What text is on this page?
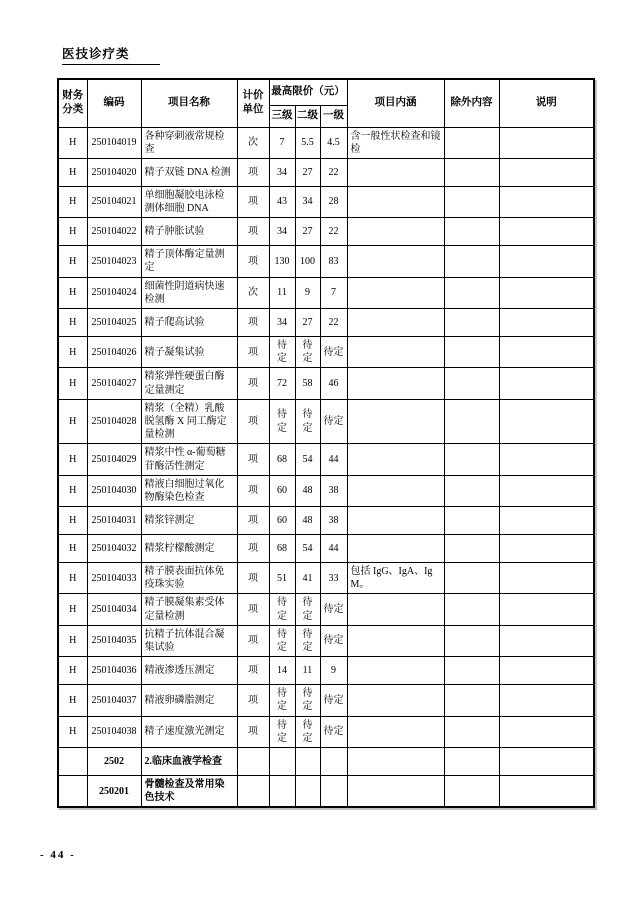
医技诊疗类
财务分类	编码	项目名称	计价单位	最高限价（元）			项目内涵	除外内容	说明
				三级	二级	一级			
H	250104019	各种穿刺液常规检查	次	7	5.5	4.5	含一般性状检查和镜检		
H	250104020	精子双链 DNA 检测	项	34	27	22			
H	250104021	单细胞凝胶电泳检测体细胞 DNA	项	43	34	28			
H	250104022	精子肿胀试验	项	34	27	22			
H	250104023	精子顶体酶定量测定	项	130	100	83			
H	250104024	细菌性阴道病快速检测	次	11	9	7			
H	250104025	精子爬高试验	项	34	27	22			
H	250104026	精子凝集试验	项	待定	待定	待定			
H	250104027	精浆弹性硬蛋白酶定量测定	项	72	58	46			
H	250104028	精浆（全精）乳酸脱氢酶 X 同工酶定量检测	项	待定	待定	待定			
H	250104029	精浆中性 α-葡萄糖苷酶活性测定	项	68	54	44			
H	250104030	精液白细胞过氧化物酶染色检查	项	60	48	38			
H	250104031	精浆锌测定	项	60	48	38			
H	250104032	精浆柠檬酸测定	项	68	54	44			
H	250104033	精子膜表面抗体免疫珠实验	项	51	41	33	包括 IgG、IgA、IgM。		
H	250104034	精子膜凝集素受体定量检测	项	待定	待定	待定			
H	250104035	抗精子抗体混合凝集试验	项	待定	待定	待定			
H	250104036	精液渗透压测定	项	14	11	9			
H	250104037	精液卵磷脂测定	项	待定	待定	待定			
H	250104038	精子速度激光测定	项	待定	待定	待定			
	2502	2.临床血液学检查							
	250201	骨髓检查及常用染色技术							
- 44 -
